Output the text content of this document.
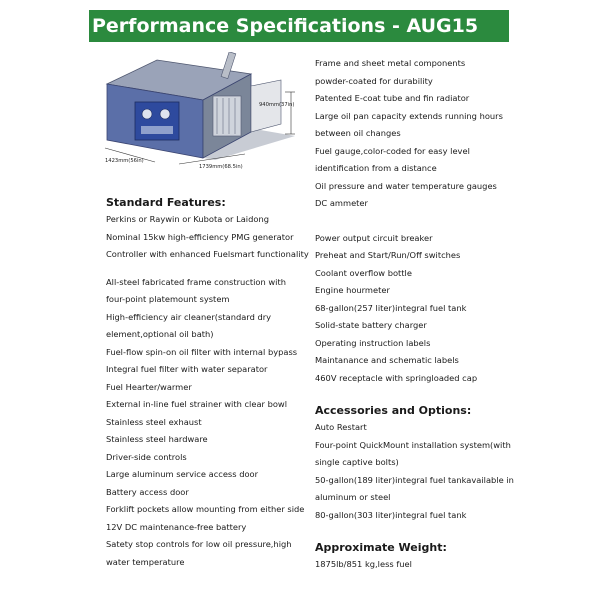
Performance Specifications - AUG15
940mm(37in)
1423mm(56in)
1739mm(68.5in)
Standard Features:
Perkins or Raywin or Kubota or Laidong
Nominal 15kw high-efficiency PMG generator
Controller with enhanced Fuelsmart functionality
All-steel fabricated frame construction with
four-point platemount system
High-efficiency air cleaner(standard dry
element,optional oil bath)
Fuel-flow spin-on oil filter with internal bypass
Integral fuel filter with water separator
Fuel Hearter/warmer
External in-line fuel strainer with clear bowl
Stainless steel exhaust
Stainless steel hardware
Driver-side controls
Large aluminum service access door
Battery access door
Forklift pockets allow mounting from either side
12V DC maintenance-free battery
Satety stop controls for low oil pressure,high
water temperature
Frame and sheet metal components
powder-coated for durability
Patented E-coat tube and fin radiator
Large oil pan capacity extends running hours
between oil changes
Fuel gauge,color-coded for easy level
identification from a distance
Oil pressure and water temperature gauges
DC ammeter
Power output circuit breaker
Preheat and Start/Run/Off switches
Coolant overflow bottle
Engine hourmeter
68-gallon(257 liter)integral fuel tank
Solid-state battery charger
Operating instruction labels
Maintanance and schematic labels
460V receptacle with springloaded cap
Accessories and Options:
Auto Restart
Four-point QuickMount installation system(with
single captive bolts)
50-gallon(189 liter)integral fuel tankavailable in
aluminum or steel
80-gallon(303 liter)integral fuel tank
Approximate Weight:
1875lb/851 kg,less fuel
